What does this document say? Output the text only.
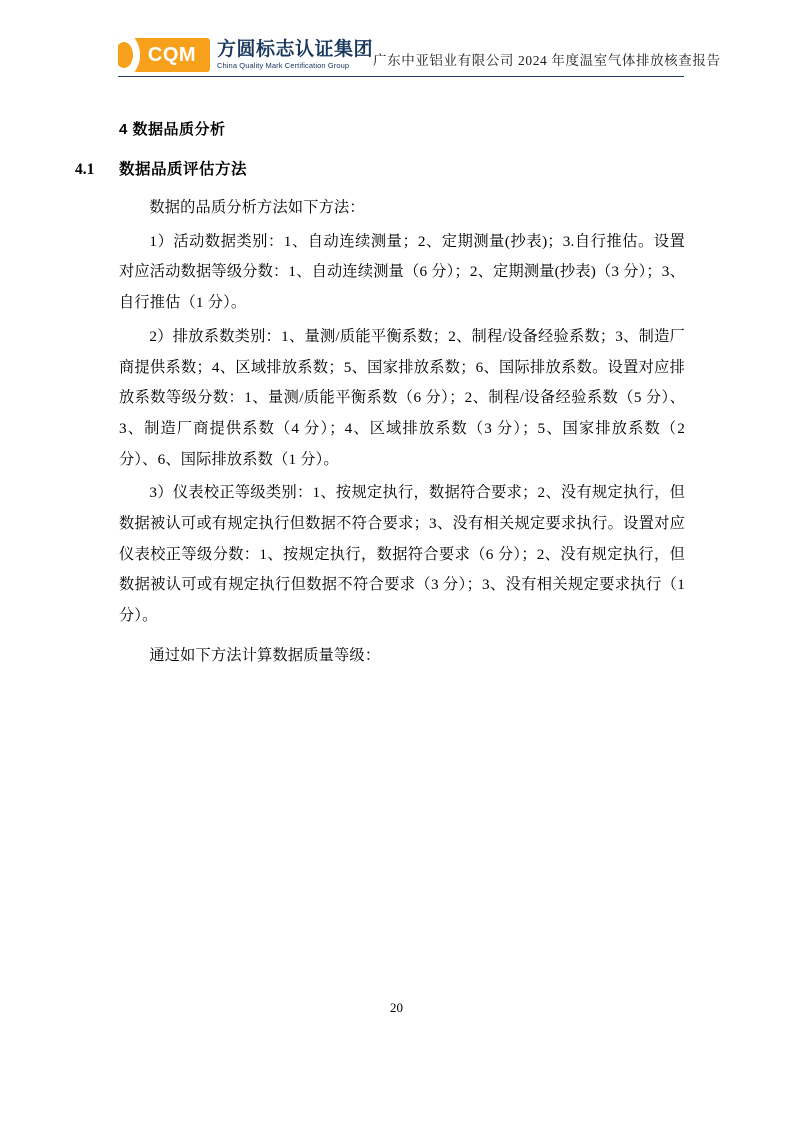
CQM 方圆标志认证集团
China Quality Mark Certification Group	广东中亚铝业有限公司 2024 年度温室气体排放核查报告
4 数据品质分析
4.1	数据品质评估方法

数据的品质分析方法如下方法：

1）活动数据类别：1、自动连续测量；2、定期测量(抄表)；3.自行推估。设置对应活动数据等级分数：1、自动连续测量（6 分）；2、定期测量(抄表)（3 分）；3、自行推估（1 分）。

2）排放系数类别：1、量测/质能平衡系数；2、制程/设备经验系数；3、制造厂商提供系数；4、区域排放系数；5、国家排放系数；6、国际排放系数。设置对应排放系数等级分数：1、量测/质能平衡系数（6 分）；2、制程/设备经验系数（5 分）、3、制造厂商提供系数（4 分）；4、区域排放系数（3 分）；5、国家排放系数（2 分）、6、国际排放系数（1 分）。

3）仪表校正等级类别：1、按规定执行，数据符合要求；2、没有规定执行，但数据被认可或有规定执行但数据不符合要求；3、没有相关规定要求执行。设置对应仪表校正等级分数：1、按规定执行，数据符合要求（6 分）；2、没有规定执行，但数据被认可或有规定执行但数据不符合要求（3 分）；3、没有相关规定要求执行（1 分）。

通过如下方法计算数据质量等级：

20
